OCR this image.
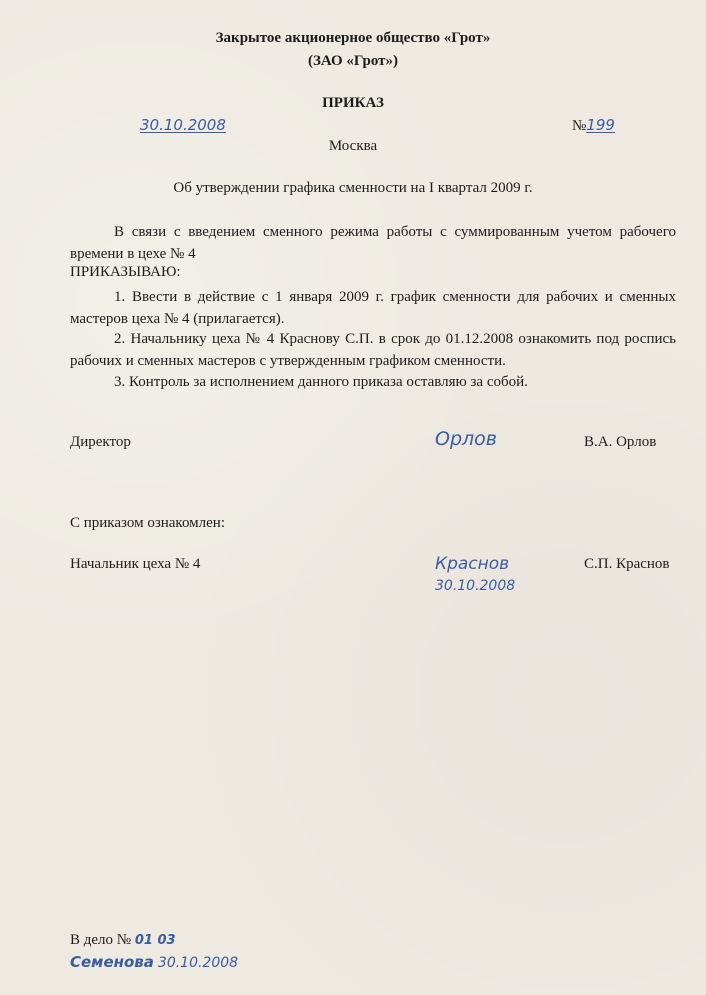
Закрытое акционерное общество «Грот»
(ЗАО «Грот»)
ПРИКАЗ
30.10.2008	№199
Москва
Об утверждении графика сменности на I квартал 2009 г.
В связи с введением сменного режима работы с суммированным учетом рабочего времени в цехе № 4
ПРИКАЗЫВАЮ:
1. Ввести в действие с 1 января 2009 г. график сменности для рабочих и сменных мастеров цеха № 4 (прилагается).
2. Начальнику цеха № 4 Краснову С.П. в срок до 01.12.2008 ознакомить под роспись рабочих и сменных мастеров с утвержденным графиком сменности.
3. Контроль за исполнением данного приказа оставляю за собой.
Директор	Орлов	В.А. Орлов
С приказом ознакомлен:
Начальник цеха № 4	Краснов
30.10.2008
С.П. Краснов
В дело № 01 03
Семенова 30.10.2008
